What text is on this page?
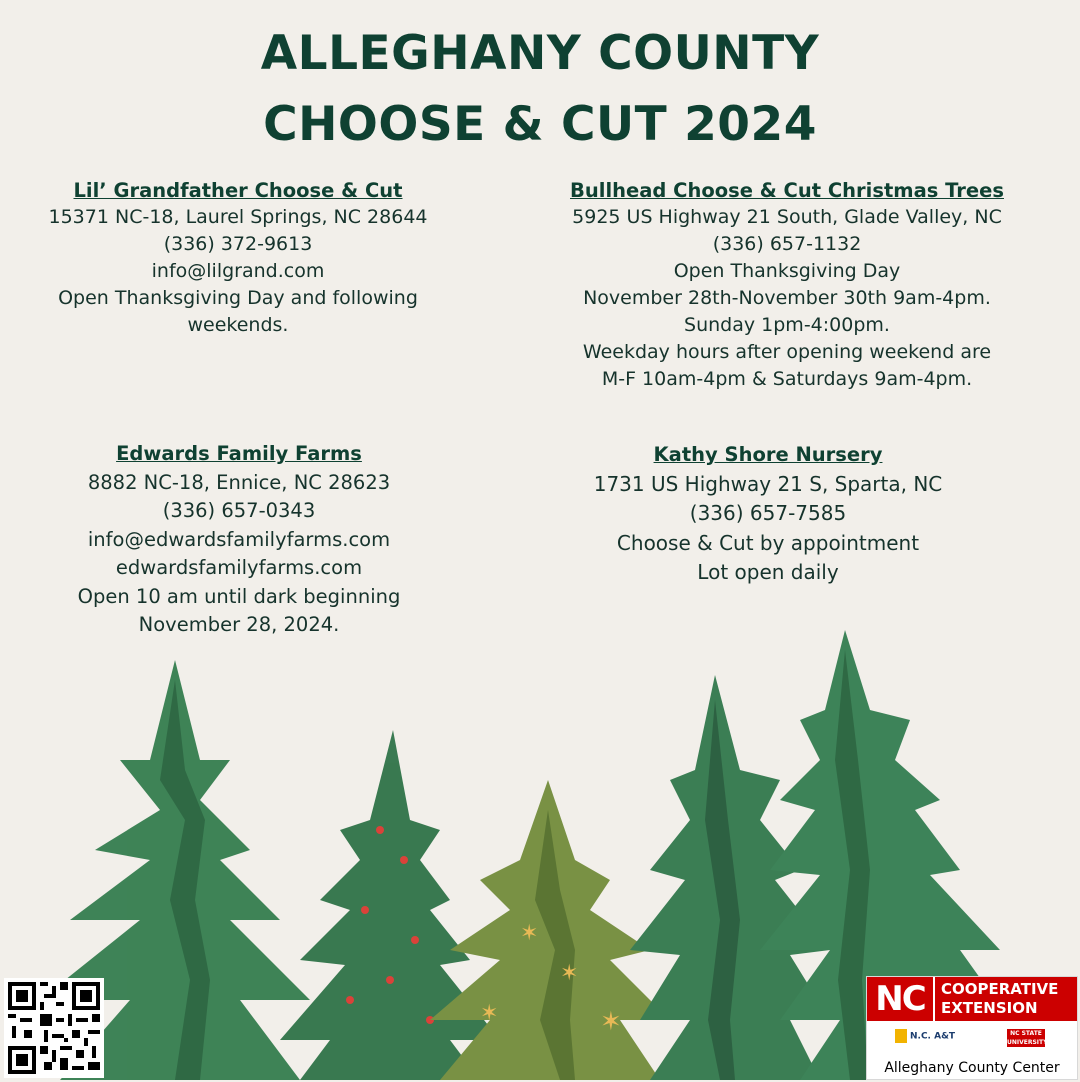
ALLEGHANY COUNTY
CHOOSE & CUT 2024
Lil’ Grandfather Choose & Cut
15371 NC-18, Laurel Springs, NC 28644
(336) 372-9613
info@lilgrand.com
Open Thanksgiving Day and following weekends.
Bullhead Choose & Cut Christmas Trees
5925 US Highway 21 South, Glade Valley, NC
(336) 657-1132
Open Thanksgiving Day
November 28th-November 30th 9am-4pm.
Sunday 1pm-4:00pm.
Weekday hours after opening weekend are
M-F 10am-4pm & Saturdays 9am-4pm.
Edwards Family Farms
8882 NC-18, Ennice, NC 28623
(336) 657-0343
info@edwardsfamilyfarms.com
edwardsfamilyfarms.com
Open 10 am until dark beginning
November 28, 2024.
Kathy Shore Nursery
1731 US Highway 21 S, Sparta, NC
(336) 657-7585
Choose & Cut by appointment
Lot open daily
✶
✶
✶
✶	NC	COOPERATIVE
EXTENSION
N.C. A&T	NC STATE UNIVERSITY
Alleghany County Center
